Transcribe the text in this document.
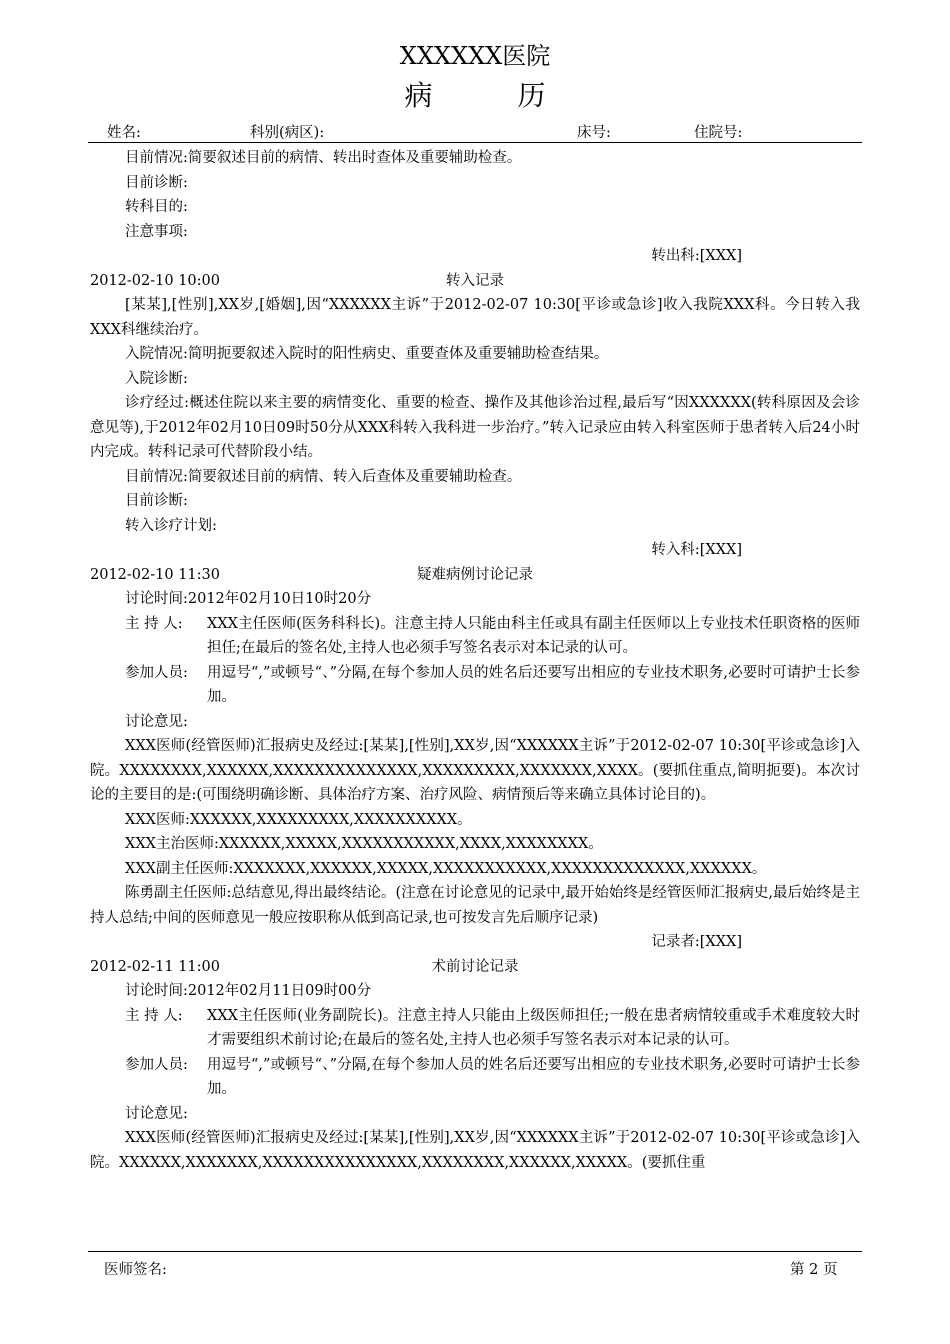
XXXXXX医院
病 历
姓名:	科别(病区):	床号:	住院号:
目前情况:简要叙述目前的病情、转出时查体及重要辅助检查。
目前诊断:
转科目的:
注意事项:
转出科:[XXX]
2012-02-10 10:00	转入记录
[某某],[性别],XX岁,[婚姻],因“XXXXXX主诉”于2012-02-07 10:30[平诊或急诊]收入我院XXX科。今日转入我XXX科继续治疗。
入院情况:简明扼要叙述入院时的阳性病史、重要查体及重要辅助检查结果。
入院诊断:
诊疗经过:概述住院以来主要的病情变化、重要的检查、操作及其他诊治过程,最后写“因XXXXXX(转科原因及会诊意见等),于2012年02月10日09时50分从XXX科转入我科进一步治疗。”转入记录应由转入科室医师于患者转入后24小时内完成。转科记录可代替阶段小结。
目前情况:简要叙述目前的病情、转入后查体及重要辅助检查。
目前诊断:
转入诊疗计划:
转入科:[XXX]
2012-02-10 11:30	疑难病例讨论记录
讨论时间:2012年02月10日10时20分
主 持 人:	XXX主任医师(医务科科长)。注意主持人只能由科主任或具有副主任医师以上专业技术任职资格的医师担任;在最后的签名处,主持人也必须手写签名表示对本记录的认可。
参加人员:	用逗号“,”或顿号“、”分隔,在每个参加人员的姓名后还要写出相应的专业技术职务,必要时可请护士长参加。
讨论意见:
XXX医师(经管医师)汇报病史及经过:[某某],[性别],XX岁,因“XXXXXX主诉”于2012-02-07 10:30[平诊或急诊]入院。XXXXXXXX,XXXXXX,XXXXXXXXXXXXXX,XXXXXXXXX,XXXXXXX,XXXX。(要抓住重点,简明扼要)。本次讨论的主要目的是:(可围绕明确诊断、具体治疗方案、治疗风险、病情预后等来确立具体讨论目的)。
XXX医师:XXXXXX,XXXXXXXXX,XXXXXXXXXX。
XXX主治医师:XXXXXX,XXXXX,XXXXXXXXXXX,XXXX,XXXXXXXX。
XXX副主任医师:XXXXXXX,XXXXXX,XXXXX,XXXXXXXXXXX,XXXXXXXXXXXXX,XXXXXX。
陈勇副主任医师:总结意见,得出最终结论。(注意在讨论意见的记录中,最开始始终是经管医师汇报病史,最后始终是主持人总结;中间的医师意见一般应按职称从低到高记录,也可按发言先后顺序记录)
记录者:[XXX]
2012-02-11 11:00	术前讨论记录
讨论时间:2012年02月11日09时00分
主 持 人:	XXX主任医师(业务副院长)。注意主持人只能由上级医师担任;一般在患者病情较重或手术难度较大时才需要组织术前讨论;在最后的签名处,主持人也必须手写签名表示对本记录的认可。
参加人员:	用逗号“,”或顿号“、”分隔,在每个参加人员的姓名后还要写出相应的专业技术职务,必要时可请护士长参加。
讨论意见:
XXX医师(经管医师)汇报病史及经过:[某某],[性别],XX岁,因“XXXXXX主诉”于2012-02-07 10:30[平诊或急诊]入院。XXXXXX,XXXXXXX,XXXXXXXXXXXXXXX,XXXXXXXX,XXXXXX,XXXXX。(要抓住重
医师签名:	第 2 页
